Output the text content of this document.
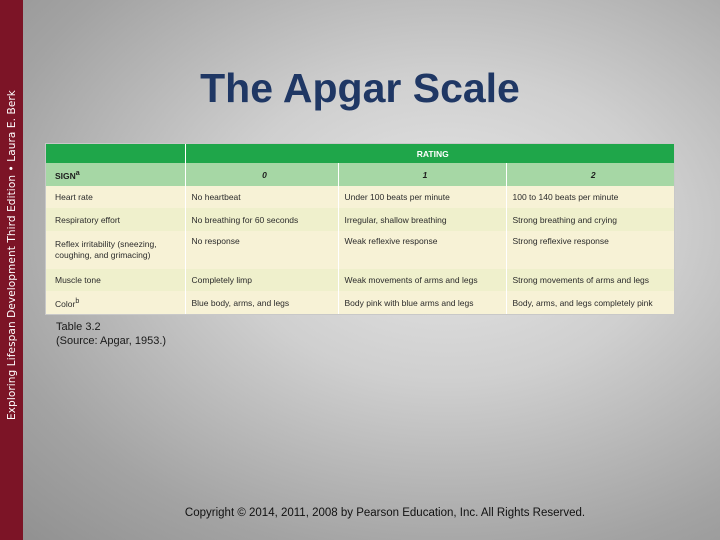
Exploring Lifespan Development Third Edition • Laura E. Berk
The Apgar Scale
	RATING		
SIGN$^a$	0	1	2
Heart rate	No heartbeat	Under 100 beats per minute	100 to 140 beats per minute
Respiratory effort	No breathing for 60 seconds	Irregular, shallow breathing	Strong breathing and crying
Reflex irritability (sneezing, coughing, and grimacing)	No response	Weak reflexive response	Strong reflexive response
Muscle tone	Completely limp	Weak movements of arms and legs	Strong movements of arms and legs
Color$^b$	Blue body, arms, and legs	Body pink with blue arms and legs	Body, arms, and legs completely pink
Table 3.2
(Source: Apgar, 1953.)
Copyright © 2014, 2011, 2008 by Pearson Education, Inc. All Rights Reserved.
